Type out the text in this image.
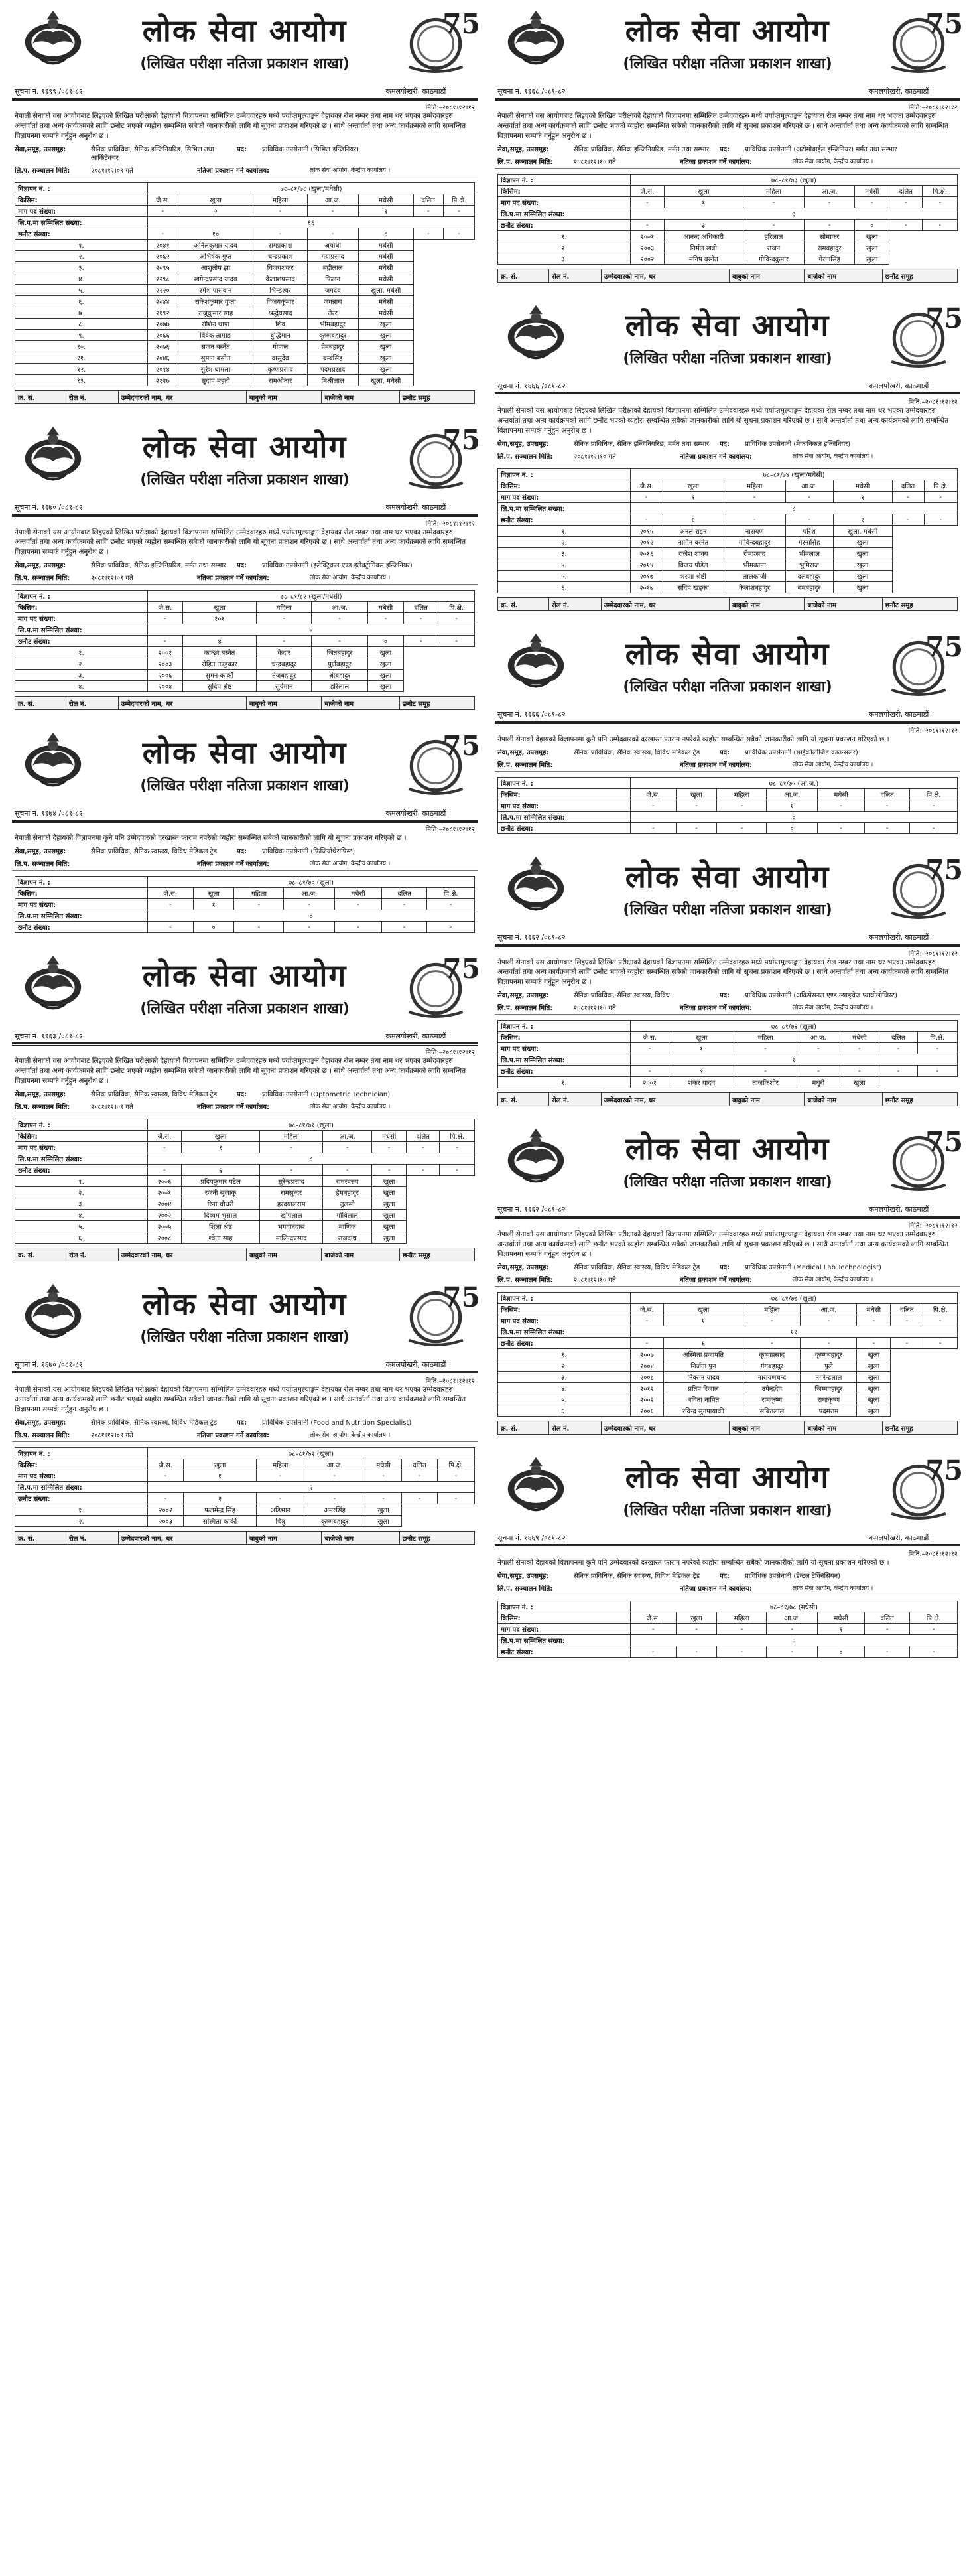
लोक सेवा आयोग
(लिखित परीक्षा नतिजा प्रकाशन शाखा)
75
सूचना नं. १६९९ /०८१-८२	कमलपोखरी, काठमाडौं ।
मिति:–२०८१।१२।१२
नेपाली सेनाको यस आयोगबाट लिइएको लिखित परीक्षाको देहायको विज्ञापनमा सम्मिलित उम्मेदवारहरु मध्ये पर्याप्तमूल्याङ्कन देहायका रोल नम्बर तथा नाम थर भएका उम्मेदवारहरु अन्तर्वार्ता तथा अन्य कार्यक्रमको लागि छनौट भएको व्यहोरा सम्बन्धित सबैको जानकारीको लागि यो सूचना प्रकाशन गरिएको छ । साथै अन्तर्वार्ता तथा अन्य कार्यक्रमको लागि सम्बन्धित विज्ञापनमा सम्पर्क गर्नुहुन अनुरोध छ ।
सेवा,समूह, उपसमूह:	सैनिक प्राविधिक, सैनिक इन्जिनियरिङ, सिभिल तथा आर्किटेक्चर
पद:	प्राविधिक उपसेनानी (सिभिल इन्जिनियर)
लि.प. सञ्चालन मिति:	२०८१।१२।०९ गते	नतिजा प्रकाशन गर्ने कार्यालय:	लोक सेवा आयोग, केन्द्रीय कार्यालय ।
विज्ञापन नं. :	७८–८१/७८ (खुला/मधेसी)						
किसिम:	जै.स.	खुला	महिला	आ.ज.	मधेसी	दलित	पि.क्षे.
माग पद संख्या:	-	२	-	-	१	-	-
लि.प.मा सम्मिलित संख्या:	६६						
छनौट संख्या:	-	१०	-	-	८	-	-
१.	२०४१	अनिलकुमार यादव	रामप्रकाश	अयोधी	मधेसी		
२.	२०६२	अभिषेक गुप्त	चन्द्रप्रकाश	गयाप्रसाद	मधेसी		
३.	२०९५	आशुतोष झा	विजयशंकर	बद्रीलाल	मधेसी		
४.	२२९८	खगेन्द्रप्रसाद यादव	कैलाशप्रसाद	फिलन	मधेसी		
५.	२२२०	रमेश पासवान	भिन्डेश्वर	जगदेव	खुला, मधेसी		
६.	२०४४	राकेशकुमार गुप्ता	विजयकुमार	जगन्नाथ	मधेसी		
७.	२१९२	राजुकुमार साह	श्रद्धेयसाद	तेरर	मधेसी		
८.	२०७७	रोशिन थापा	शिव	भीमबहादुर	खुला		
९.	२०६६	विवेक तामाङ	बुद्धिमान	कृष्णबहादुर	खुला		
१०.	२०७६	सजन बस्नेत	गोपाल	प्रेमबहादुर	खुला		
११.	२०४६	सुमान बस्नेत	वासुदेव	बम्बसिंह	खुला		
१२.	२०१४	सुरेश धामला	कृष्णप्रसाद	पदमप्रसाद	खुला		
१३.	२१२७	सुदाप महतो	रामऔतार	मिश्रीलाल	खुला, मधेसी		
क्र. सं.	रोल नं.	उम्मेदवारको नाम, थर	बाबुको नाम	बाजेको नाम	छनौट समूह
लोक सेवा आयोग
(लिखित परीक्षा नतिजा प्रकाशन शाखा)
75
सूचना नं. १६७० /०८१-८२	कमलपोखरी, काठमाडौं ।
मिति:–२०८१।१२।१२
नेपाली सेनाको यस आयोगबाट लिइएको लिखित परीक्षाको देहायको विज्ञापनमा सम्मिलित उम्मेदवारहरु मध्ये पर्याप्तमूल्याङ्कन देहायका रोल नम्बर तथा नाम थर भएका उम्मेदवारहरु अन्तर्वार्ता तथा अन्य कार्यक्रमको लागि छनौट भएको व्यहोरा सम्बन्धित सबैको जानकारीको लागि यो सूचना प्रकाशन गरिएको छ । साथै अन्तर्वार्ता तथा अन्य कार्यक्रमको लागि सम्बन्धित विज्ञापनमा सम्पर्क गर्नुहुन अनुरोध छ ।
सेवा,समूह, उपसमूह:	सैनिक प्राविधिक, सैनिक इन्जिनियरिङ, मर्मत तथा सम्भार	पद:	प्राविधिक उपसेनानी (इलेक्ट्रिकल एण्ड इलेक्ट्रोनिक्स इन्जिनियर)
लि.प. सञ्चालन मिति:	२०८१।१२।०९ गते	नतिजा प्रकाशन गर्ने कार्यालय:	लोक सेवा आयोग, केन्द्रीय कार्यालय ।
विज्ञापन नं. :	७८–८१/८२ (खुला/मधेसी)						
किसिम:	जै.स.	खुला	महिला	आ.ज.	मधेसी	दलित	पि.क्षे.
माग पद संख्या:	-	१०१	-	-	-	-	-
लि.प.मा सम्मिलित संख्या:	४						
छनौट संख्या:	-	४	-	-	०	-	-
१.	२००१	कान्छा बस्नेत	केदार	जितबहादुर	खुला		
२.	२००३	रोहित तण्डुकार	चन्द्रबहादुर	पुर्णबहादुर	खुला		
३.	२००६	सुमन कार्की	तेजबहादुर	श्रीबहादुर	खुला		
४.	२००४	सुदिप श्रेष्ठ	सुर्यमान	हरिलाल	खुला		
क्र. सं.	रोल नं.	उम्मेदवारको नाम, थर	बाबुको नाम	बाजेको नाम	छनौट समूह
लोक सेवा आयोग
(लिखित परीक्षा नतिजा प्रकाशन शाखा)
75
सूचना नं. १६७४ /०८१-८२	कमलपोखरी, काठमाडौं ।
मिति:–२०८१।१२।१२
नेपाली सेनाको देहायको विज्ञापनमा कुनै पनि उम्मेदवारको दरखास्त फाराम नपरेको व्यहोरा सम्बन्धित सबैको जानकारीको लागि यो सूचना प्रकाशन गरिएको छ ।
सेवा,समूह, उपसमूह:	सैनिक प्राविधिक, सैनिक स्वास्थ्य, विविध मेडिकल ट्रेड	पद:	प्राविधिक उपसेनानी (फिजियोथेरापिस्ट)
लि.प. सञ्चालन मिति:	नतिजा प्रकाशन गर्ने कार्यालय:	लोक सेवा आयोग, केन्द्रीय कार्यालय ।
विज्ञापन नं. :	७८–८१/७० (खुला)						
किसिम:	जै.स.	खुला	महिला	आ.ज.	मधेसी	दलित	पि.क्षे.
माग पद संख्या:	-	१	-	-	-	-	-
लि.प.मा सम्मिलित संख्या:	०						
छनौट संख्या:	-	०	-	-	-	-	-
लोक सेवा आयोग
(लिखित परीक्षा नतिजा प्रकाशन शाखा)
75
सूचना नं. १६६३ /०८१-८२	कमलपोखरी, काठमाडौं ।
मिति:–२०८१।१२।१२
नेपाली सेनाको यस आयोगबाट लिइएको लिखित परीक्षाको देहायको विज्ञापनमा सम्मिलित उम्मेदवारहरु मध्ये पर्याप्तमूल्याङ्कन देहायका रोल नम्बर तथा नाम थर भएका उम्मेदवारहरु अन्तर्वार्ता तथा अन्य कार्यक्रमको लागि छनौट भएको व्यहोरा सम्बन्धित सबैको जानकारीको लागि यो सूचना प्रकाशन गरिएको छ । साथै अन्तर्वार्ता तथा अन्य कार्यक्रमको लागि सम्बन्धित विज्ञापनमा सम्पर्क गर्नुहुन अनुरोध छ ।
सेवा,समूह, उपसमूह:	सैनिक प्राविधिक, सैनिक स्वास्थ्य, विविध मेडिकल ट्रेड	पद:	प्राविधिक उपसेनानी (Optometric Technician)
लि.प. सञ्चालन मिति:	२०८१।१२।०९ गते	नतिजा प्रकाशन गर्ने कार्यालय:	लोक सेवा आयोग, केन्द्रीय कार्यालय ।
विज्ञापन नं. :	७८–८१/७१ (खुला)						
किसिम:	जै.स.	खुला	महिला	आ.ज.	मधेसी	दलित	पि.क्षे.
माग पद संख्या:	-	१	-	-	-	-	-
लि.प.मा सम्मिलित संख्या:	८						
छनौट संख्या:	-	६	-	-	-	-	-
१.	२००६	प्रदिपकुमार पटेल	सुरेन्द्रप्रसाद	रामस्वरुप	खुला		
२.	२००१	रजनी सुजाकू	रामसुन्दर	हेमबहादुर	खुला		
३.	२००४	रिना चौधरी	हरदयालराम	तुलसी	खुला		
४.	२००२	दिव्यम भुसाल	खोपलाल	गोविलाल	खुला		
५.	२००५	शिला श्रेष्ठ	भगवानदास	माणिक	खुला		
६.	२००८	श्वेता साह	मालिन्द्रप्रसाद	राजदाथ	खुला		
क्र. सं.	रोल नं.	उम्मेदवारको नाम, थर	बाबुको नाम	बाजेको नाम	छनौट समूह
लोक सेवा आयोग
(लिखित परीक्षा नतिजा प्रकाशन शाखा)
75
सूचना नं. १६७० /०८१-८२	कमलपोखरी, काठमाडौं ।
मिति:–२०८१।१२।१२
नेपाली सेनाको यस आयोगबाट लिइएको लिखित परीक्षाको देहायको विज्ञापनमा सम्मिलित उम्मेदवारहरु मध्ये पर्याप्तमूल्याङ्कन देहायका रोल नम्बर तथा नाम थर भएका उम्मेदवारहरु अन्तर्वार्ता तथा अन्य कार्यक्रमको लागि छनौट भएको व्यहोरा सम्बन्धित सबैको जानकारीको लागि यो सूचना प्रकाशन गरिएको छ । साथै अन्तर्वार्ता तथा अन्य कार्यक्रमको लागि सम्बन्धित विज्ञापनमा सम्पर्क गर्नुहुन अनुरोध छ ।
सेवा,समूह, उपसमूह:	सैनिक प्राविधिक, सैनिक स्वास्थ्य, विविध मेडिकल ट्रेड	पद:	प्राविधिक उपसेनानी (Food and Nutrition Specialist)
लि.प. सञ्चालन मिति:	२०८१।१२।०९ गते	नतिजा प्रकाशन गर्ने कार्यालय:	लोक सेवा आयोग, केन्द्रीय कार्यालय ।
विज्ञापन नं. :	७८–८१/७२ (खुला)						
किसिम:	जै.स.	खुला	महिला	आ.ज.	मधेसी	दलित	पि.क्षे.
माग पद संख्या:	-	१	-	-	-	-	-
लि.प.मा सम्मिलित संख्या:	२						
छनौट संख्या:	-	२	-	-	-	-	-
१.	२००२	फलमेन्द्र सिंह	अडिभान	अमरसिंह	खुला		
२.	२००३	सस्मिता कार्की	चित्रु	कृष्णबहादुर	खुला		
क्र. सं.	रोल नं.	उम्मेदवारको नाम, थर	बाबुको नाम	बाजेको नाम	छनौट समूह
लोक सेवा आयोग
(लिखित परीक्षा नतिजा प्रकाशन शाखा)
75
सूचना नं. १६६८ /०८१-८२	कमलपोखरी, काठमाडौं ।
मिति:–२०८१।१२।१२
नेपाली सेनाको यस आयोगबाट लिइएको लिखित परीक्षाको देहायको विज्ञापनमा सम्मिलित उम्मेदवारहरु मध्ये पर्याप्तमूल्याङ्कन देहायका रोल नम्बर तथा नाम थर भएका उम्मेदवारहरु अन्तर्वार्ता तथा अन्य कार्यक्रमको लागि छनौट भएको व्यहोरा सम्बन्धित सबैको जानकारीको लागि यो सूचना प्रकाशन गरिएको छ । साथै अन्तर्वार्ता तथा अन्य कार्यक्रमको लागि सम्बन्धित विज्ञापनमा सम्पर्क गर्नुहुन अनुरोध छ ।
सेवा,समूह, उपसमूह:	सैनिक प्राविधिक, सैनिक इन्जिनियरिङ, मर्मत तथा सम्भार	पद:	प्राविधिक उपसेनानी (अटोमोबाईल इन्जिनियर) मर्मत तथा सम्भार
लि.प. सञ्चालन मिति:	२०८१।१२।१० गते	नतिजा प्रकाशन गर्ने कार्यालय:	लोक सेवा आयोग, केन्द्रीय कार्यालय ।
विज्ञापन नं. :	७८–८१/७३ (खुला)						
किसिम:	जै.स.	खुला	महिला	आ.ज.	मधेसी	दलित	पि.क्षे.
माग पद संख्या:	-	१	-	-	-	-	-
लि.प.मा सम्मिलित संख्या:	३						
छनौट संख्या:	-	३	-	-	०	-	-
१.	२००१	आनन्द अधिकारी	हरिलाल	सोमाकर	खुला		
२.	२००३	निर्मल खत्री	राजन	रामबहादुर	खुला		
३.	२००२	मनिष बस्नेत	गोविन्दकुमार	गेरनासिंह	खुला		
क्र. सं.	रोल नं.	उम्मेदवारको नाम, थर	बाबुको नाम	बाजेको नाम	छनौट समूह
लोक सेवा आयोग
(लिखित परीक्षा नतिजा प्रकाशन शाखा)
75
सूचना नं. १६६६ /०८१-८२	कमलपोखरी, काठमाडौं ।
मिति:–२०८१।१२।१२
नेपाली सेनाको यस आयोगबाट लिइएको लिखित परीक्षाको देहायको विज्ञापनमा सम्मिलित उम्मेदवारहरु मध्ये पर्याप्तमूल्याङ्कन देहायका रोल नम्बर तथा नाम थर भएका उम्मेदवारहरु अन्तर्वार्ता तथा अन्य कार्यक्रमको लागि छनौट भएको व्यहोरा सम्बन्धित सबैको जानकारीको लागि यो सूचना प्रकाशन गरिएको छ । साथै अन्तर्वार्ता तथा अन्य कार्यक्रमको लागि सम्बन्धित विज्ञापनमा सम्पर्क गर्नुहुन अनुरोध छ ।
सेवा,समूह, उपसमूह:	सैनिक प्राविधिक, सैनिक इन्जिनियरिङ, मर्मत तथा सम्भार	पद:	प्राविधिक उपसेनानी (मेकानिकल इन्जिनियर)
लि.प. सञ्चालन मिति:	२०८१।१२।१० गते	नतिजा प्रकाशन गर्ने कार्यालय:	लोक सेवा आयोग, केन्द्रीय कार्यालय ।
विज्ञापन नं. :	७८–८१/७४ (खुला/मधेसी)						
किसिम:	जै.स.	खुला	महिला	आ.ज.	मधेसी	दलित	पि.क्षे.
माग पद संख्या:	-	१	-	-	१	-	-
लि.प.मा सम्मिलित संख्या:	८						
छनौट संख्या:	-	६	-	-	१	-	-
१.	२०१५	अनल राइन	नारायण	परिश	खुला, मधेसी		
२.	२०१२	नागिन बस्नेत	गोविन्दबहादुर	गेरनासिंह	खुला		
३.	२०१६	राजेश शाक्य	रोमप्रसाद	भीमलाल	खुला		
४.	२०१४	विजय पौडेल	भीमकान्त	भुमिराज	खुला		
५.	२०१७	शरणा श्रेष्ठी	लालकाजी	दलबहादुर	खुला		
६.	२०१७	सदिप खड्का	कैलाशबहादुर	बमबहादुर	खुला		
क्र. सं.	रोल नं.	उम्मेदवारको नाम, थर	बाबुको नाम	बाजेको नाम	छनौट समूह
लोक सेवा आयोग
(लिखित परीक्षा नतिजा प्रकाशन शाखा)
75
सूचना नं. १६६६ /०८१-८२	कमलपोखरी, काठमाडौं ।
मिति:–२०८१।१२।१२
नेपाली सेनाको देहायको विज्ञापनमा कुनै पनि उम्मेदवारको दरखास्त फाराम नपरेको व्यहोरा सम्बन्धित सबैको जानकारीको लागि यो सूचना प्रकाशन गरिएको छ ।
सेवा,समूह, उपसमूह:	सैनिक प्राविधिक, सैनिक स्वास्थ्य, विविध मेडिकल ट्रेड	पद:	प्राविधिक उपसेनानी (साईकोलोजिष्ट काउन्सलर)
लि.प. सञ्चालन मिति:	नतिजा प्रकाशन गर्ने कार्यालय:	लोक सेवा आयोग, केन्द्रीय कार्यालय ।
विज्ञापन नं. :	७८–८१/७५ (आ.ज.)						
किसिम:	जै.स.	खुला	महिला	आ.ज.	मधेसी	दलित	पि.क्षे.
माग पद संख्या:	-	-	-	१	-	-	-
लि.प.मा सम्मिलित संख्या:	०						
छनौट संख्या:	-	-	-	०	-	-	-
लोक सेवा आयोग
(लिखित परीक्षा नतिजा प्रकाशन शाखा)
75
सूचना नं. १६६२ /०८१-८२	कमलपोखरी, काठमाडौं ।
मिति:–२०८१।१२।१२
नेपाली सेनाको यस आयोगबाट लिइएको लिखित परीक्षाको देहायको विज्ञापनमा सम्मिलित उम्मेदवारहरु मध्ये पर्याप्तमूल्याङ्कन देहायका रोल नम्बर तथा नाम थर भएका उम्मेदवारहरु अन्तर्वार्ता तथा अन्य कार्यक्रमको लागि छनौट भएको व्यहोरा सम्बन्धित सबैको जानकारीको लागि यो सूचना प्रकाशन गरिएको छ । साथै अन्तर्वार्ता तथा अन्य कार्यक्रमको लागि सम्बन्धित विज्ञापनमा सम्पर्क गर्नुहुन अनुरोध छ ।
सेवा,समूह, उपसमूह:	सैनिक प्राविधिक, सैनिक स्वास्थ्य, विविध	पद:	प्राविधिक उपसेनानी (अकिपेसनल एण्ड ल्याङ्वेज प्याथोलोजिस्ट)
लि.प. सञ्चालन मिति:	२०८१।१२।१० गते	नतिजा प्रकाशन गर्ने कार्यालय:	लोक सेवा आयोग, केन्द्रीय कार्यालय ।
विज्ञापन नं. :	७८–८१/७६ (खुला)						
किसिम:	जै.स.	खुला	महिला	आ.ज.	मधेसी	दलित	पि.क्षे.
माग पद संख्या:	-	१	-	-	-	-	-
लि.प.मा सम्मिलित संख्या:	१						
छनौट संख्या:	-	१	-	-	-	-	-
१.	२००१	शंकर यादव	ताजकिशोर	मधुरी	खुला		
क्र. सं.	रोल नं.	उम्मेदवारको नाम, थर	बाबुको नाम	बाजेको नाम	छनौट समूह
लोक सेवा आयोग
(लिखित परीक्षा नतिजा प्रकाशन शाखा)
75
सूचना नं. १६६२ /०८१-८२	कमलपोखरी, काठमाडौं ।
मिति:–२०८१।१२।१२
नेपाली सेनाको यस आयोगबाट लिइएको लिखित परीक्षाको देहायको विज्ञापनमा सम्मिलित उम्मेदवारहरु मध्ये पर्याप्तमूल्याङ्कन देहायका रोल नम्बर तथा नाम थर भएका उम्मेदवारहरु अन्तर्वार्ता तथा अन्य कार्यक्रमको लागि छनौट भएको व्यहोरा सम्बन्धित सबैको जानकारीको लागि यो सूचना प्रकाशन गरिएको छ । साथै अन्तर्वार्ता तथा अन्य कार्यक्रमको लागि सम्बन्धित विज्ञापनमा सम्पर्क गर्नुहुन अनुरोध छ ।
सेवा,समूह, उपसमूह:	सैनिक प्राविधिक, सैनिक स्वास्थ्य, विविध मेडिकल ट्रेड	पद:	प्राविधिक उपसेनानी (Medical Lab Technologist)
लि.प. सञ्चालन मिति:	२०८१।१२।१० गते	नतिजा प्रकाशन गर्ने कार्यालय:	लोक सेवा आयोग, केन्द्रीय कार्यालय ।
विज्ञापन नं. :	७८–८१/७७ (खुला)						
किसिम:	जै.स.	खुला	महिला	आ.ज.	मधेसी	दलित	पि.क्षे.
माग पद संख्या:	-	१	-	-	-	-	-
लि.प.मा सम्मिलित संख्या:	११						
छनौट संख्या:	-	६	-	-	-	-	-
१.	२००७	अस्मिता प्रजापति	कृष्णप्रसाद	कृष्णबहादुर	खुला		
२.	२००४	निर्जना पुन	गंगबहादुर	पुले	खुला		
३.	२००८	निक्सन यादव	नारायणचन्द	नगरेन्द्रलाल	खुला		
४.	२०१२	प्रतिप रिजाल	उपेन्द्रदेव	जिम्मवहादुर	खुला		
५.	२००२	बविता नापित	रामकृष्ण	राधाकृष्ण	खुला		
६.	२००६	रविन्द्र सुनपायाकी	सबितलाल	पदमराम	खुला		
क्र. सं.	रोल नं.	उम्मेदवारको नाम, थर	बाबुको नाम	बाजेको नाम	छनौट समूह
लोक सेवा आयोग
(लिखित परीक्षा नतिजा प्रकाशन शाखा)
75
सूचना नं. १६६९ /०८१-८२	कमलपोखरी, काठमाडौं ।
मिति:–२०८१।१२।१२
नेपाली सेनाको देहायको विज्ञापनमा कुनै पनि उम्मेदवारको दरखास्त फाराम नपरेको व्यहोरा सम्बन्धित सबैको जानकारीको लागि यो सूचना प्रकाशन गरिएको छ ।
सेवा,समूह, उपसमूह:	सैनिक प्राविधिक, सैनिक स्वास्थ्य, विविध मेडिकल ट्रेड	पद:	प्राविधिक उपसेनानी (डेन्टल टेक्निसियन)
लि.प. सञ्चालन मिति:	नतिजा प्रकाशन गर्ने कार्यालय:	लोक सेवा आयोग, केन्द्रीय कार्यालय ।
विज्ञापन नं. :	७८–८१/७८ (मधेसी)						
किसिम:	जै.स.	खुला	महिला	आ.ज.	मधेसी	दलित	पि.क्षे.
माग पद संख्या:	-	-	-	-	१	-	-
लि.प.मा सम्मिलित संख्या:	०						
छनौट संख्या:	-	-	-	-	०	-	-
